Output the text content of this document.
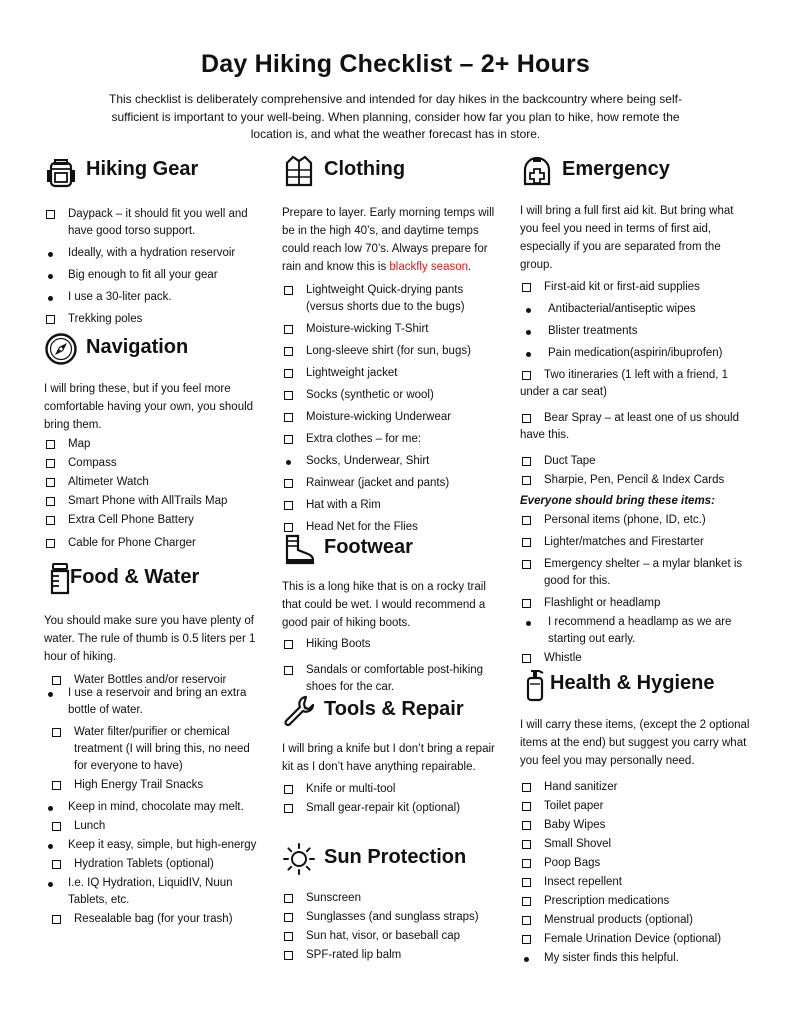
Day Hiking Checklist – 2+ Hours
This checklist is deliberately comprehensive and intended for day hikes in the backcountry where being self-sufficient is important to your well-being. When planning, consider how far you plan to hike, how remote the location is, and what the weather forecast has in store.
Hiking Gear
Daypack – it should fit you well and have good torso support.
Ideally, with a hydration reservoir
Big enough to fit all your gear
I use a 30-liter pack.
Trekking poles
Navigation
I will bring these, but if you feel more comfortable having your own, you should bring them.
Map
Compass
Altimeter Watch
Smart Phone with AllTrails Map
Extra Cell Phone Battery
Cable for Phone Charger
Food & Water
You should make sure you have plenty of water. The rule of thumb is 0.5 liters per 1 hour of hiking.
Water Bottles and/or reservoir
I use a reservoir and bring an extra bottle of water.
Water filter/purifier or chemical treatment (I will bring this, no need for everyone to have)
High Energy Trail Snacks
Keep in mind, chocolate may melt.
Lunch
Keep it easy, simple, but high-energy
Hydration Tablets (optional)
I.e. IQ Hydration, LiquidIV, Nuun Tablets, etc.
Resealable bag (for your trash)
Clothing
Prepare to layer. Early morning temps will be in the high 40’s, and daytime temps could reach low 70’s. Always prepare for rain and know this is blackfly season.
Lightweight Quick-drying pants (versus shorts due to the bugs)
Moisture-wicking T-Shirt
Long-sleeve shirt (for sun, bugs)
Lightweight jacket
Socks (synthetic or wool)
Moisture-wicking Underwear
Extra clothes – for me:
Socks, Underwear, Shirt
Rainwear (jacket and pants)
Hat with a Rim
Head Net for the Flies
Footwear
This is a long hike that is on a rocky trail that could be wet. I would recommend a good pair of hiking boots.
Hiking Boots
Sandals or comfortable post-hiking shoes for the car.
Tools & Repair
I will bring a knife but I don’t bring a repair kit as I don’t have anything repairable.
Knife or multi-tool
Small gear-repair kit (optional)
Sun Protection
Sunscreen
Sunglasses (and sunglass straps)
Sun hat, visor, or baseball cap
SPF-rated lip balm
Emergency
I will bring a full first aid kit. But bring what you feel you need in terms of first aid, especially if you are separated from the group.
First-aid kit or first-aid supplies
Antibacterial/antiseptic wipes
Blister treatments
Pain medication(aspirin/ibuprofen)
Two itineraries (1 left with a friend, 1 under a car seat)
Bear Spray – at least one of us should have this.
Duct Tape
Sharpie, Pen, Pencil & Index Cards
Everyone should bring these items:
Personal items (phone, ID, etc.)
Lighter/matches and Firestarter
Emergency shelter – a mylar blanket is good for this.
Flashlight or headlamp
I recommend a headlamp as we are starting out early.
Whistle
Health & Hygiene
I will carry these items, (except the 2 optional items at the end) but suggest you carry what you feel you may personally need.
Hand sanitizer
Toilet paper
Baby Wipes
Small Shovel
Poop Bags
Insect repellent
Prescription medications
Menstrual products (optional)
Female Urination Device (optional)
My sister finds this helpful.
